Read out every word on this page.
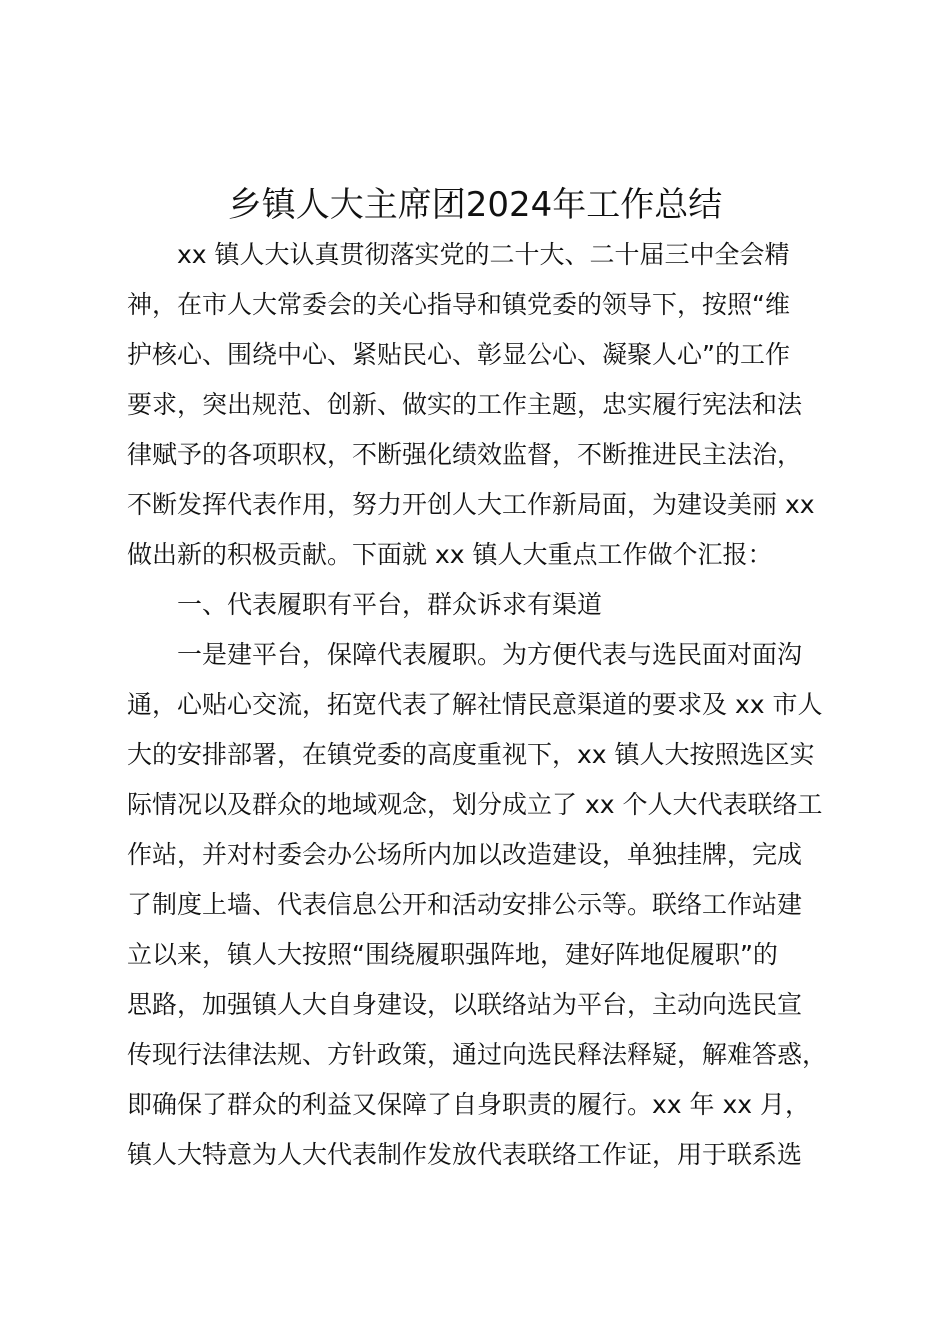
乡镇人大主席团2024年工作总结

xx 镇人大认真贯彻落实党的二十大、二十届三中全会精

神，在市人大常委会的关心指导和镇党委的领导下，按照“维

护核心、围绕中心、紧贴民心、彰显公心、凝聚人心”的工作

要求，突出规范、创新、做实的工作主题，忠实履行宪法和法

律赋予的各项职权，不断强化绩效监督，不断推进民主法治，

不断发挥代表作用，努力开创人大工作新局面，为建设美丽 xx

做出新的积极贡献。下面就 xx 镇人大重点工作做个汇报：

一、代表履职有平台，群众诉求有渠道

一是建平台，保障代表履职。为方便代表与选民面对面沟

通，心贴心交流，拓宽代表了解社情民意渠道的要求及 xx 市人

大的安排部署，在镇党委的高度重视下，xx 镇人大按照选区实

际情况以及群众的地域观念，划分成立了 xx 个人大代表联络工

作站，并对村委会办公场所内加以改造建设，单独挂牌，完成

了制度上墙、代表信息公开和活动安排公示等。联络工作站建

立以来，镇人大按照“围绕履职强阵地，建好阵地促履职”的

思路，加强镇人大自身建设，以联络站为平台，主动向选民宣

传现行法律法规、方针政策，通过向选民释法释疑，解难答惑，

即确保了群众的利益又保障了自身职责的履行。xx 年 xx 月，

镇人大特意为人大代表制作发放代表联络工作证，用于联系选
